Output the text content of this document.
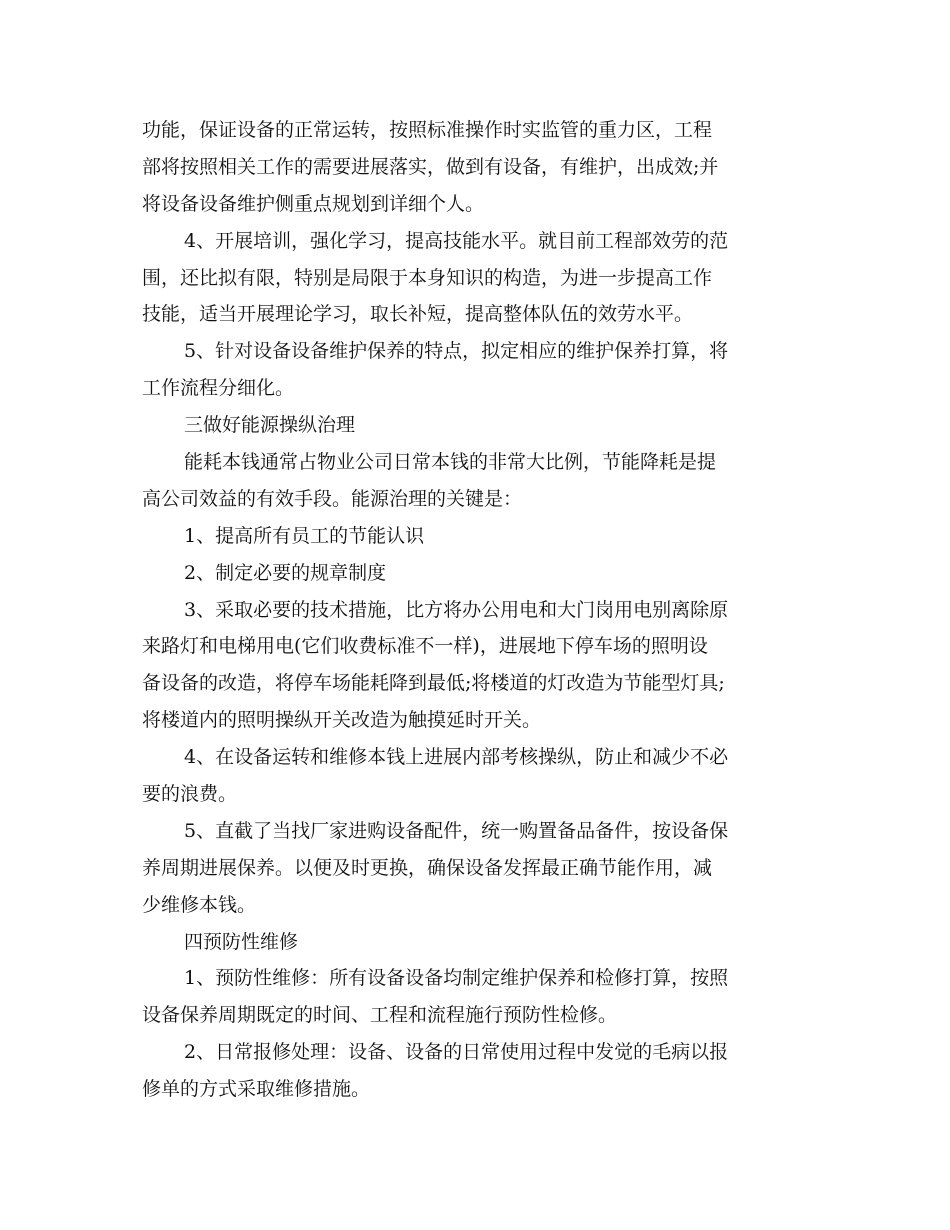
功能，保证设备的正常运转，按照标准操作时实监管的重力区，工程
部将按照相关工作的需要进展落实，做到有设备，有维护，出成效;并
将设备设备维护侧重点规划到详细个人。
4、开展培训，强化学习，提高技能水平。就目前工程部效劳的范
围，还比拟有限，特别是局限于本身知识的构造，为进一步提高工作
技能，适当开展理论学习，取长补短，提高整体队伍的效劳水平。
5、针对设备设备维护保养的特点，拟定相应的维护保养打算，将
工作流程分细化。
三做好能源操纵治理
能耗本钱通常占物业公司日常本钱的非常大比例，节能降耗是提
高公司效益的有效手段。能源治理的关键是：
1、提高所有员工的节能认识
2、制定必要的规章制度
3、采取必要的技术措施，比方将办公用电和大门岗用电别离除原
来路灯和电梯用电(它们收费标准不一样)，进展地下停车场的照明设
备设备的改造，将停车场能耗降到最低;将楼道的灯改造为节能型灯具;
将楼道内的照明操纵开关改造为触摸延时开关。
4、在设备运转和维修本钱上进展内部考核操纵，防止和减少不必
要的浪费。
5、直截了当找厂家进购设备配件，统一购置备品备件，按设备保
养周期进展保养。以便及时更换，确保设备发挥最正确节能作用，减
少维修本钱。
四预防性维修
1、预防性维修：所有设备设备均制定维护保养和检修打算，按照
设备保养周期既定的时间、工程和流程施行预防性检修。
2、日常报修处理：设备、设备的日常使用过程中发觉的毛病以报
修单的方式采取维修措施。
